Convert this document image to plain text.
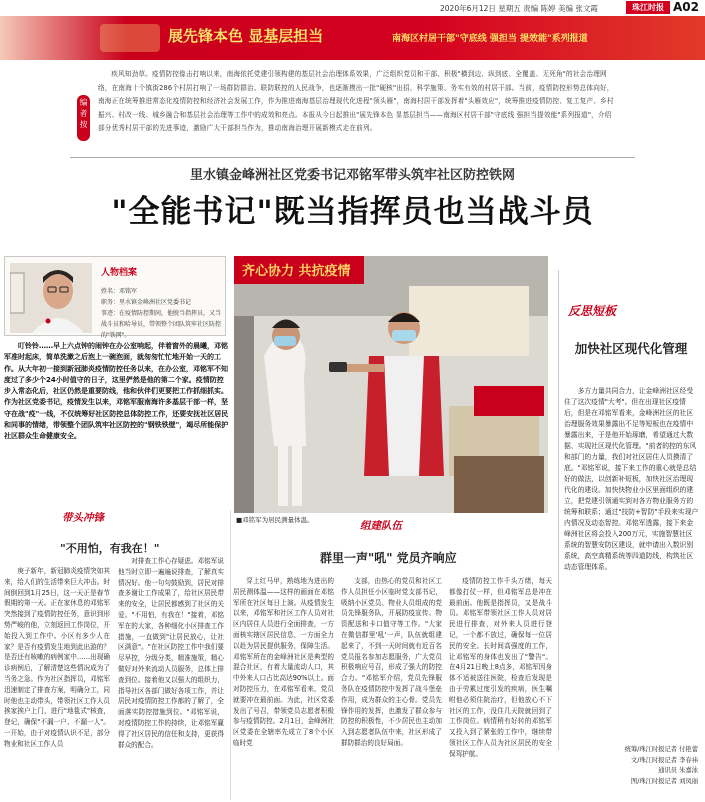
2020年6月12日 星期五 责编 陈婷 美编 张文霞	珠江时报 A02
展先锋本色 显基层担当	南海区村居干部"守底线 强担当 提效能"系列报道
编者按
疾风知劲草。疫情防控像击打响以来，南海依托党建引领构建的基层社会治理体系效果，广泛组织党员和干部、积极"横到边、纵到底、全覆盖、无死角"的社会治理网络，在南海十个镇街286个村居打响了一场群防群治、联防联控的人民战争，也逐渐摸出一批"硬核"出招、科学施策、务实有效的村居干部。当前，疫情防控形势总体向好，南海正在统筹推进常态化疫情防控和经济社会发展工作，作为推进南海基层治理现代化进程"领头雁"，南海村居干部发挥着"头雁效应"，统筹推进疫情防控、复工复产、乡村振兴、村改一线、城乡融合和基层社会治理等工作中的成效和亮点。本报从今日起推出"展先锋本色 显基层担当——南海区村居干部"守底线 强担当提效能"系列报道"，介绍部分优秀村居干部的先进事迹，激励广大干部担当作为，推动南海治理开展新模式走在前列。
里水镇金峰洲社区党委书记邓铭军带头筑牢社区防控铁网
"全能书记"既当指挥员也当战斗员
人物档案
姓名：邓铭军
职务：里水镇金峰洲社区党委书记
事迹：在疫情防控期间，他脱当指挥员，又当战斗员和哈导员，带领整个团队筑牢社区防控的"铁网"。
叮铃铃……早上六点钟的闹钟在办公室响起，伴着窗外的晨曦，邓铭军准时起床，简单洗漱之后泡上一碗泡面，就匆匆忙忙地开始一天的工作。从大年初一接到新冠肺炎疫情防控任务以来，在办公室，邓铭军不知度过了多少个24小时值守的日子，这里俨然是他的第二个家。疫情防控步入常态化后，社区仍然是重要防线，他和伙伴们更要把工作抓细抓实。作为社区党委书记，疫情发生以来，邓铭军服南海许多基层干部一样，坚守在战"疫"一线，不仅统筹好社区防控总体防控工作，还要安抚社区居民和同事的情绪，带领整个团队筑牢社区防控的"钢铁铁壁"，竭尽所能保护社区群众生命健康安全。
齐心协力 共抗疫情
■邓铭军为居民测量体温。
反思短板
加快社区现代化管理
多方力量共同合力，让金峰洲社区经受住了这次疫情"大考"。但在出现社区疫情后，但是在邓铭军看来，金峰洲社区的社区治理服务效果暴露出不足等短板也在疫情中暴露出来，于是他开始琢磨，希望通过大数据、实现社区现代化管理。"前者的控的东风和部门的力量，我们对社区居住人员摸清了底。"邓铭军说，接下来工作的重心就是总结好的做法，以创新补短板，加快社区治理现代化的建设。加快快物业小区里面组织的建立，把党建引领通实到对各方物业服务方的统筹和联系；通过"技防+智防"手段来实现户内情况及动态智控。邓铭军透露，接下来金峰洲社区将会投入200万元，实施智慧社区系统的智慧安防区建设，就申请出入数识别系统，高空高精系统等四道防线，构筑社区动态管理体系。
带头冲锋
"不用怕，有我在！"
庚子新年，新冠肺炎疫情突如其来，给人们的生活带来巨大冲击。时间倒回到1月25日，这一天正是春节假期的第一天。正在家休息的邓铭军突然接到了疫情防控任务，意识到形势严峻的他，立刻返回工作岗位，开始投入到工作中。小区有多少人在家？是否有疫情发生地到此出游的？是否还有咳嗽的病例家中……出现确诊病例后，了解清楚这些情况成为了当务之急。作为社区指挥员，邓铭军迅速制定了排查方案，明确分工，同时他也主动带头，带领社区工作人员挨家挨户上门，进行"地毯式"核查，登记，确保"不漏一户、不漏一人"。一开始，由于对疫情认识不足，部分物业和社区工作人员
对排查工作心存疑虑。邓铭军说他当时立即一遍遍说排查，了解真实情况好。他一句句鼓励到，居民对排查多谢让工作成果了，给社区居民带来的安全，让居民都感到了社区的关爱。"不用怕，有我在！"接着，邓铭军在的大家，各种细化小区排查工作措施，一直做到"让居民放心，让社区满意"。"在社区防控工作中我们要尽早控，分级分类，精准施策，精心做好对外来流动人员服务，总体上排查到位。接着他又以强大的组织力，指导社区各部门做好各项工作，并让居民对疫情防控工作都的了解了，全面落实防控措施到位。"邓铭军说，对疫情防控工作的持续，让邓铭军赢得了社区居民的信任和支持，更获得群众的配合。
组建队伍
群里一声"吼" 党员齐响应
穿上红马甲，熟练地为进出的居民测体温——这样的画面在邓铭军所在社区每日上演。从疫情发生以来，邓铭军和社区工作人员对社区内居住人员进行全面排查，一方面核实辖区居民信息，一方面全力以赴为居民提供服务，保障生活。邓铭军所在的金峰洲社区是典型的混合社区，有着大量流动人口，其中外来人口占比高达90%以上。面对防控压力，在邓铭军看来，党员就要冲在最前面。为此，社区党委发出了号召，带领党员志愿者积极参与疫情防控。2月1日，金峰洲社区党委在全辖率先成立了8个小区临时党
支部，由热心的党员和社区工作人员担任小区临时党支部书记，吸纳小区党员、物业人员组成的党员先锋服务队，开展防疫宣传、物资配送和卡口值守等工作。"大家在微信群里'吼'一声，队伍就组建起来了，不到一天时间就有近百名党员报名参加志愿服务，广大党员积极响应号召，形成了强大的防控合力。"邓铭军介绍，党员先锋服务队在疫情防控中发挥了战斗堡垒作用，成为群众的主心骨。党员先锋作用的发挥，也激发了群众参与防控的积极性，不少居民也主动加入到志愿者队伍中来，社区形成了群防群治的良好局面。
疫情防控工作千头万绪，每天都像打仗一样，但邓铭军总是冲在最前面。他既是指挥员，又是战斗员。邓铭军带领社区工作人员对居民进行排查，对外来人员进行登记，一个都不放过，确保每一位居民的安全。长时间高强度的工作，让邓铭军的身体也发出了"警告"。在4月21日晚上8点多，邓铭军因身体不适被送往医院，检查后发现是由于劳累过度引发的疾病，医生嘱咐他必须住院治疗，但他放心不下社区的工作，没住几天院就回到了工作岗位。病情稍有好转的邓铭军又投入到了紧张的工作中，继续带领社区工作人员为社区居民的安全保驾护航。
统筹/珠江时报记者 付艳蕾
文/珠江时报记者 李春祎
通讯员 朱嘉泳
图/珠江时报记者 刘凤丽
